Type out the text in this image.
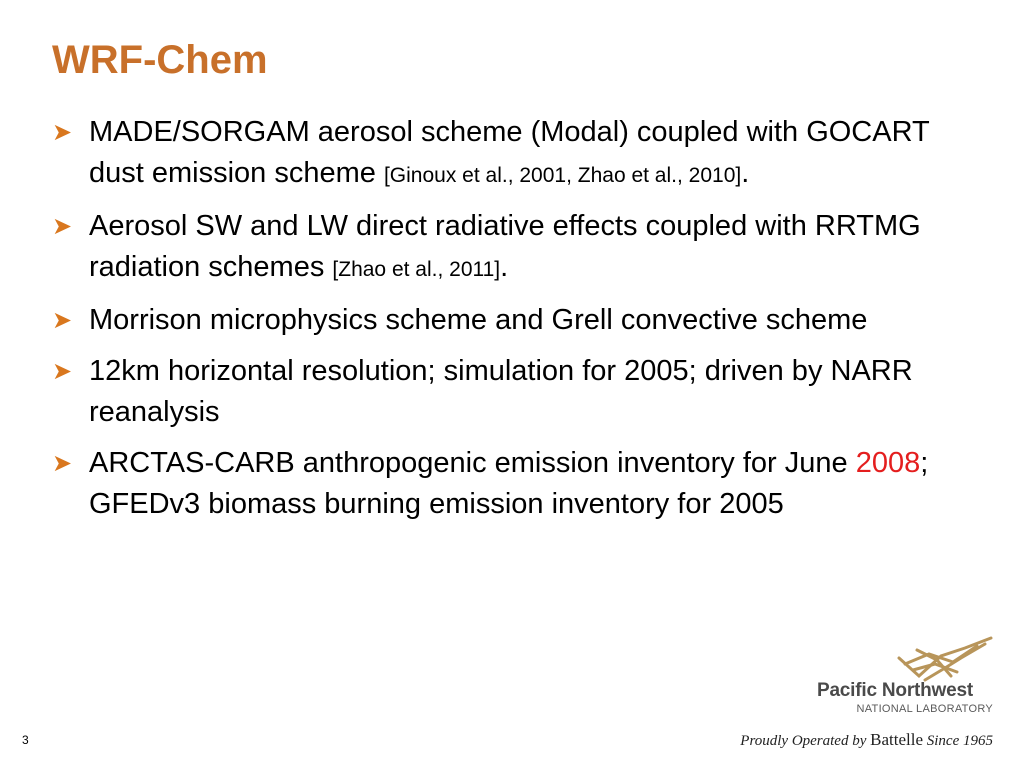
WRF-Chem
➤ MADE/SORGAM aerosol scheme (Modal) coupled with GOCART dust emission scheme [Ginoux et al., 2001, Zhao et al., 2010].
➤ Aerosol SW and LW direct radiative effects coupled with RRTMG radiation schemes [Zhao et al., 2011].
➤ Morrison microphysics scheme and Grell convective scheme
➤ 12km horizontal resolution; simulation for 2005; driven by NARR reanalysis
➤ ARCTAS-CARB anthropogenic emission inventory for June 2008; GFEDv3 biomass burning emission inventory for 2005
Pacific Northwest
NATIONAL LABORATORY
3	Proudly Operated by Battelle Since 1965
